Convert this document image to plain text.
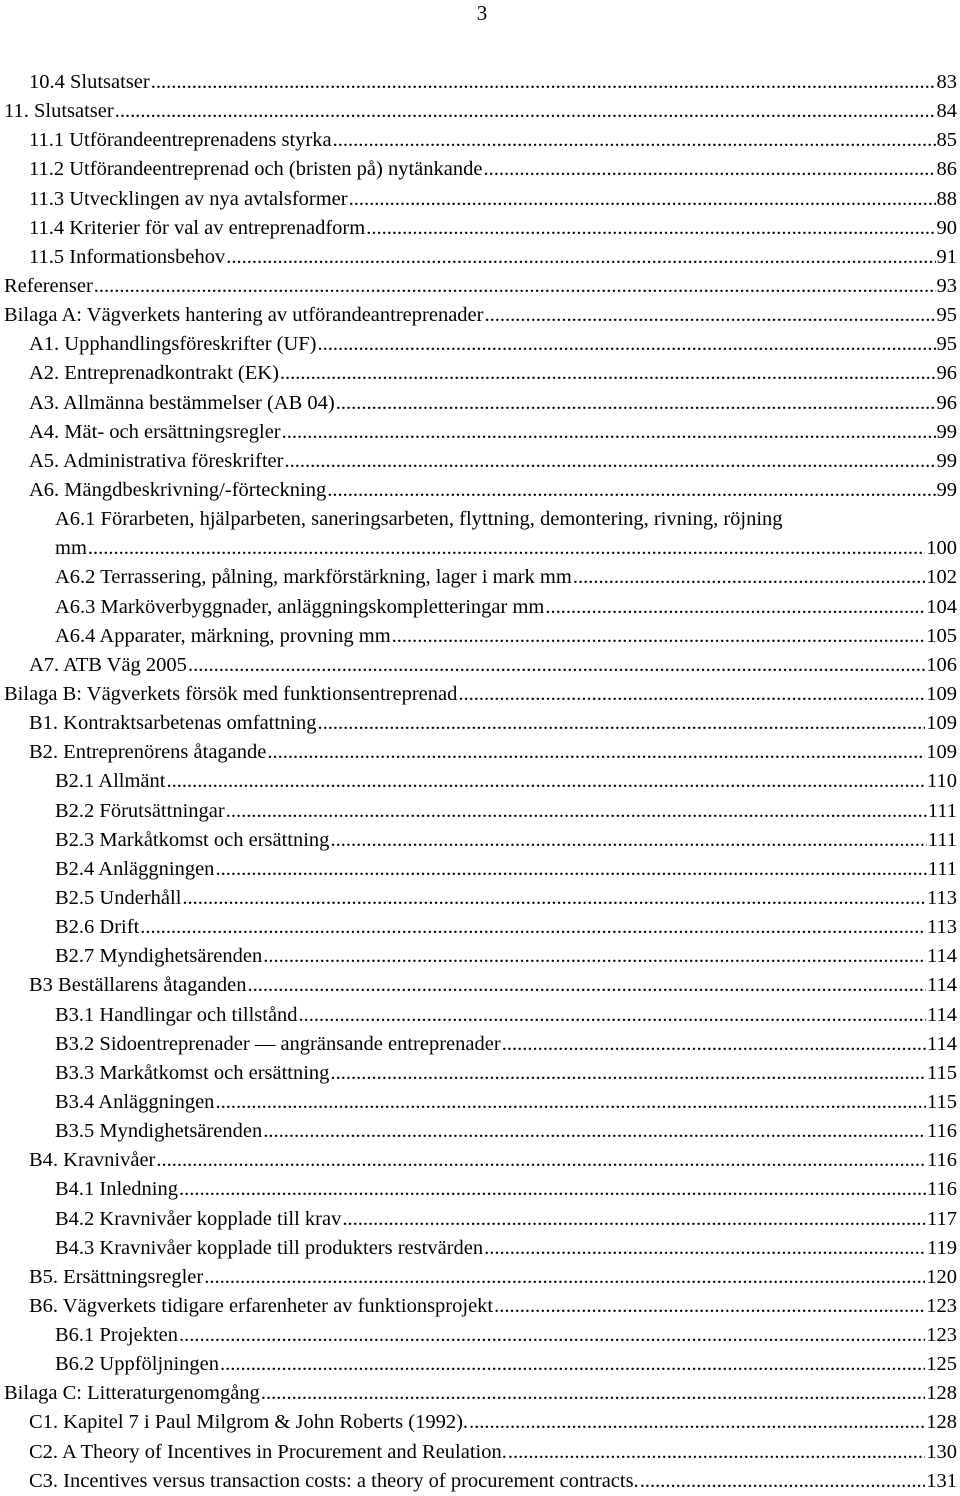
3
10.4 Slutsatser .....	83
11. Slutsatser .....	84
11.1 Utförandeentreprenadens styrka .....	85
11.2 Utförandeentreprenad och (bristen på) nytänkande .....	86
11.3 Utvecklingen av nya avtalsformer .....	88
11.4 Kriterier för val av entreprenadform .....	90
11.5 Informationsbehov .....	91
Referenser .....	93
Bilaga A: Vägverkets hantering av utförandeantreprenader .....	95
A1. Upphandlingsföreskrifter (UF) .....	95
A2. Entreprenadkontrakt (EK) .....	96
A3. Allmänna bestämmelser (AB 04) .....	96
A4. Mät- och ersättningsregler .....	99
A5. Administrativa föreskrifter .....	99
A6. Mängdbeskrivning/-förteckning .....	99
A6.1 Förarbeten, hjälparbeten, saneringsarbeten, flyttning, demontering, rivning, röjning
mm .....	100
A6.2 Terrassering, pålning, markförstärkning, lager i mark mm .....	102
A6.3 Marköverbyggnader, anläggningskompletteringar mm .....	104
A6.4 Apparater, märkning, provning mm .....	105
A7. ATB Väg 2005 .....	106
Bilaga B: Vägverkets försök med funktionsentreprenad .....	109
B1. Kontraktsarbetenas omfattning .....	109
B2. Entreprenörens åtagande .....	109
B2.1 Allmänt .....	110
B2.2 Förutsättningar .....	111
B2.3 Markåtkomst och ersättning .....	111
B2.4 Anläggningen .....	111
B2.5 Underhåll .....	113
B2.6 Drift .....	113
B2.7 Myndighetsärenden .....	114
B3 Beställarens åtaganden .....	114
B3.1 Handlingar och tillstånd .....	114
B3.2 Sidoentreprenader — angränsande entreprenader .....	114
B3.3 Markåtkomst och ersättning .....	115
B3.4 Anläggningen .....	115
B3.5 Myndighetsärenden .....	116
B4. Kravnivåer .....	116
B4.1 Inledning .....	116
B4.2 Kravnivåer kopplade till krav .....	117
B4.3 Kravnivåer kopplade till produkters restvärden .....	119
B5. Ersättningsregler .....	120
B6. Vägverkets tidigare erfarenheter av funktionsprojekt .....	123
B6.1 Projekten .....	123
B6.2 Uppföljningen .....	125
Bilaga C: Litteraturgenomgång .....	128
C1. Kapitel 7 i Paul Milgrom & John Roberts (1992). .....	128
C2. A Theory of Incentives in Procurement and Reulation. .....	130
C3. Incentives versus transaction costs: a theory of procurement contracts. .....	131
